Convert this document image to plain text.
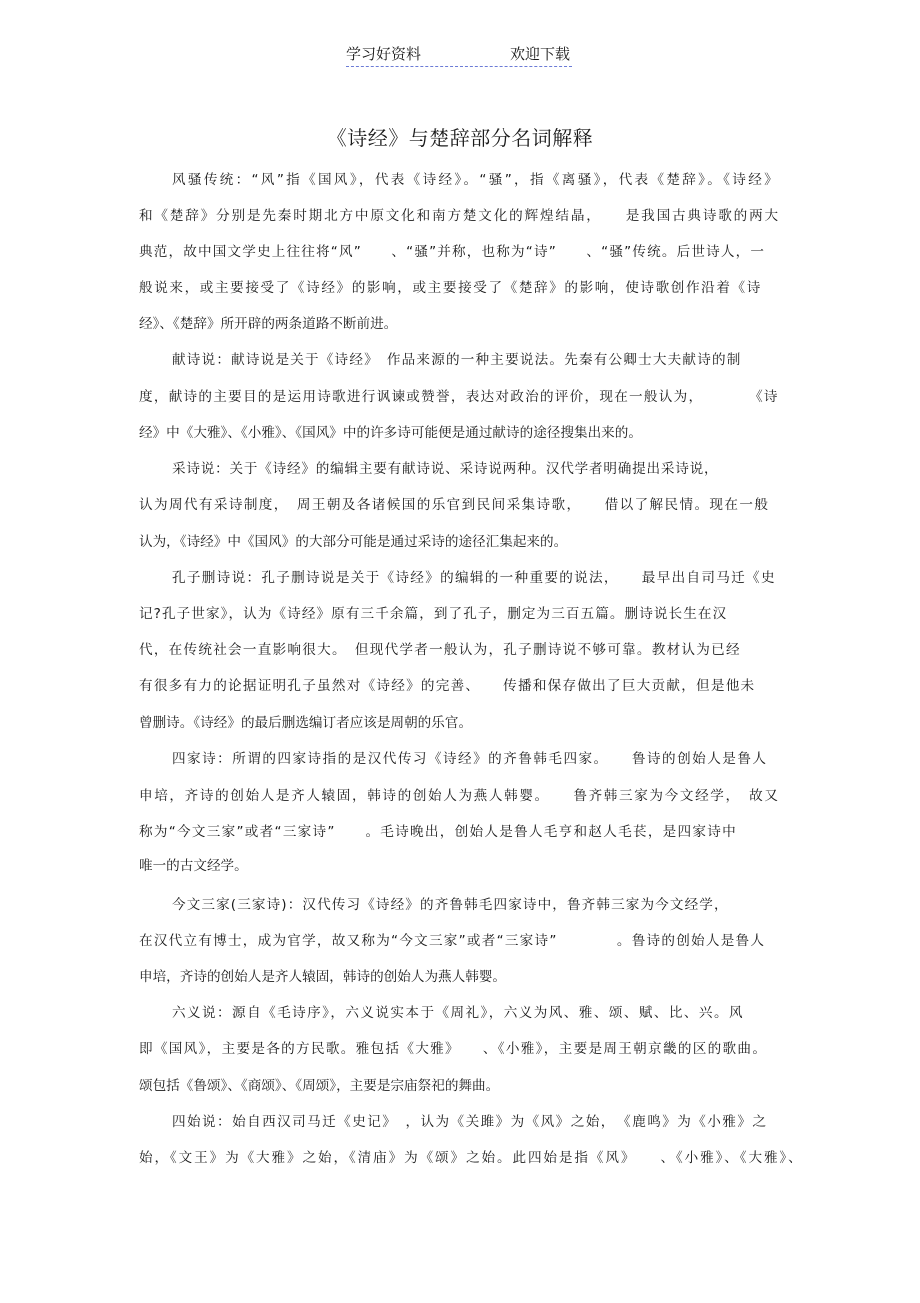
学习好资料	欢迎下载
《诗经》与楚辞部分名词解释
风骚传统：“风”指《国风》，代表《诗经》。“骚”，指《离骚》，代表《楚辞》。《诗经》
和《楚辞》分别是先秦时期北方中原文化和南方楚文化的辉煌结晶，　　是我国古典诗歌的两大
典范，故中国文学史上往往将“风”　　、“骚”并称，也称为“诗”　　、“骚”传统。后世诗人，一
般说来，或主要接受了《诗经》的影响，或主要接受了《楚辞》的影响，使诗歌创作沿着《诗
经》、《楚辞》所开辟的两条道路不断前进。
献诗说：献诗说是关于《诗经》　作品来源的一种主要说法。先秦有公卿士大夫献诗的制
度，献诗的主要目的是运用诗歌进行讽谏或赞誉，表达对政治的评价，现在一般认为，　　　　《诗
经》中《大雅》、《小雅》、《国风》中的许多诗可能便是通过献诗的途径搜集出来的。
采诗说：关于《诗经》的编辑主要有献诗说、采诗说两种。汉代学者明确提出采诗说，
认为周代有采诗制度，　周王朝及各诸候国的乐官到民间采集诗歌，　　借以了解民情。现在一般
认为，《诗经》中《国风》的大部分可能是通过采诗的途径汇集起来的。
孔子删诗说：孔子删诗说是关于《诗经》的编辑的一种重要的说法，　　最早出自司马迁《史
记?孔子世家》，认为《诗经》原有三千余篇，到了孔子，删定为三百五篇。删诗说长生在汉
代，在传统社会一直影响很大。　但现代学者一般认为，孔子删诗说不够可靠。教材认为已经
有很多有力的论据证明孔子虽然对《诗经》的完善、　　传播和保存做出了巨大贡献，但是他未
曾删诗。《诗经》的最后删选编订者应该是周朝的乐官。
四家诗：所谓的四家诗指的是汉代传习《诗经》的齐鲁韩毛四家。　　鲁诗的创始人是鲁人
申培，齐诗的创始人是齐人辕固，韩诗的创始人为燕人韩婴。　　鲁齐韩三家为今文经学，　故又
称为“今文三家”或者“三家诗”　　。毛诗晚出，创始人是鲁人毛亨和赵人毛苌，是四家诗中
唯一的古文经学。
今文三家(三家诗)：汉代传习《诗经》的齐鲁韩毛四家诗中，鲁齐韩三家为今文经学，
在汉代立有博士，成为官学，故又称为“今文三家”或者“三家诗”　　　　。鲁诗的创始人是鲁人
申培，齐诗的创始人是齐人辕固，韩诗的创始人为燕人韩婴。
六义说：源自《毛诗序》，六义说实本于《周礼》，六义为风、雅、颂、赋、比、兴。风
即《国风》，主要是各的方民歌。雅包括《大雅》　　、《小雅》，主要是周王朝京畿的区的歌曲。
颂包括《鲁颂》、《商颂》、《周颂》，主要是宗庙祭祀的舞曲。
四始说：始自西汉司马迁《史记》　，认为《关雎》为《风》之始，　《鹿鸣》为《小雅》之
始，《文王》为《大雅》之始，《清庙》为《颂》之始。此四始是指《风》　　、《小雅》、《大雅》、
